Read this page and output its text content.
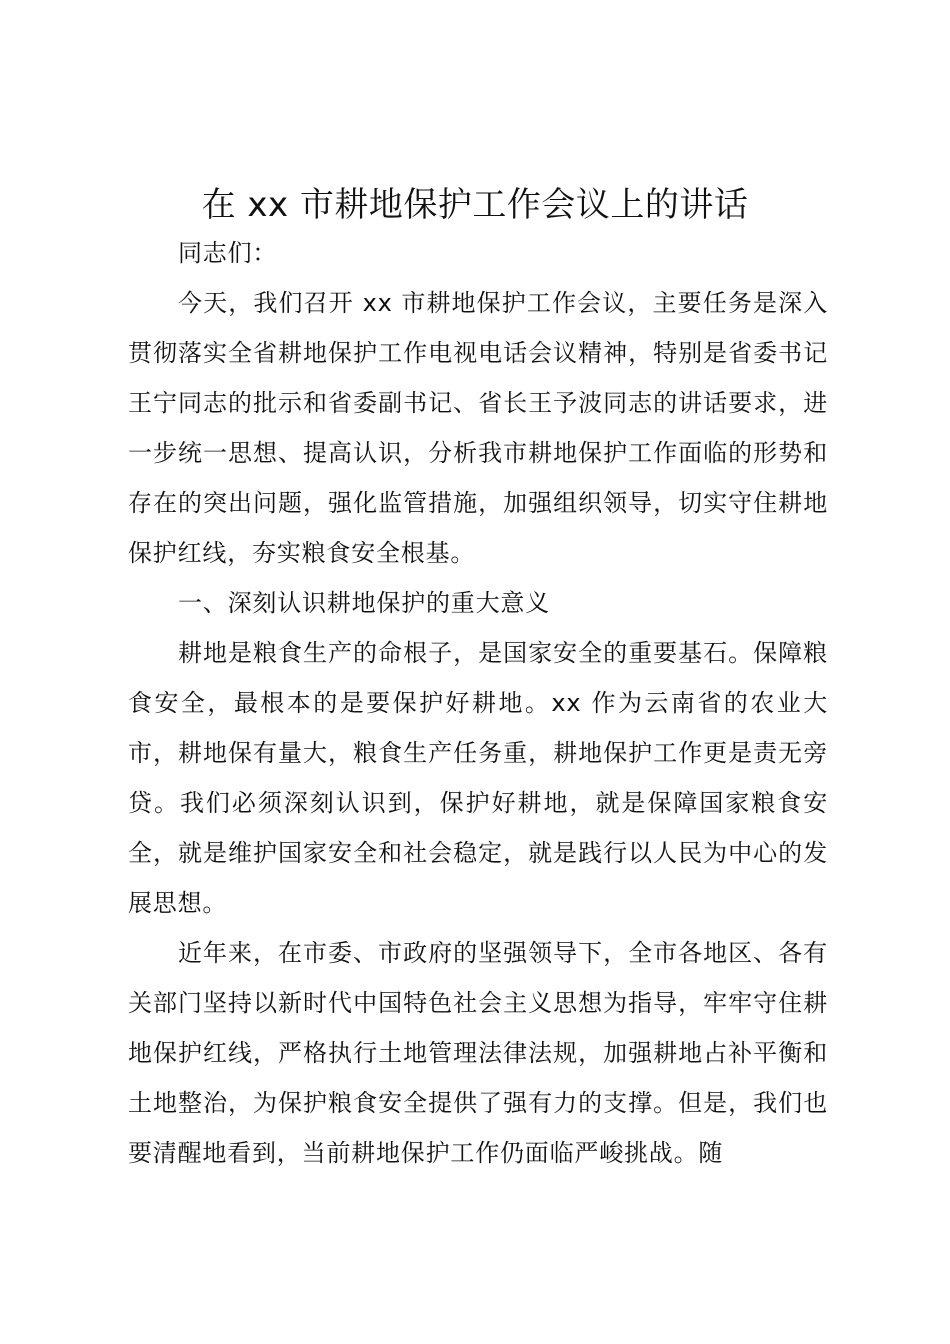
在 xx 市耕地保护工作会议上的讲话

同志们：

今天，我们召开 xx 市耕地保护工作会议，主要任务是深入贯彻落实全省耕地保护工作电视电话会议精神，特别是省委书记王宁同志的批示和省委副书记、省长王予波同志的讲话要求，进一步统一思想、提高认识，分析我市耕地保护工作面临的形势和存在的突出问题，强化监管措施，加强组织领导，切实守住耕地保护红线，夯实粮食安全根基。

一、深刻认识耕地保护的重大意义

耕地是粮食生产的命根子，是国家安全的重要基石。保障粮食安全，最根本的是要保护好耕地。xx 作为云南省的农业大市，耕地保有量大，粮食生产任务重，耕地保护工作更是责无旁贷。我们必须深刻认识到，保护好耕地，就是保障国家粮食安全，就是维护国家安全和社会稳定，就是践行以人民为中心的发展思想。

近年来，在市委、市政府的坚强领导下，全市各地区、各有关部门坚持以新时代中国特色社会主义思想为指导，牢牢守住耕地保护红线，严格执行土地管理法律法规，加强耕地占补平衡和土地整治，为保护粮食安全提供了强有力的支撑。但是，我们也要清醒地看到，当前耕地保护工作仍面临严峻挑战。随
